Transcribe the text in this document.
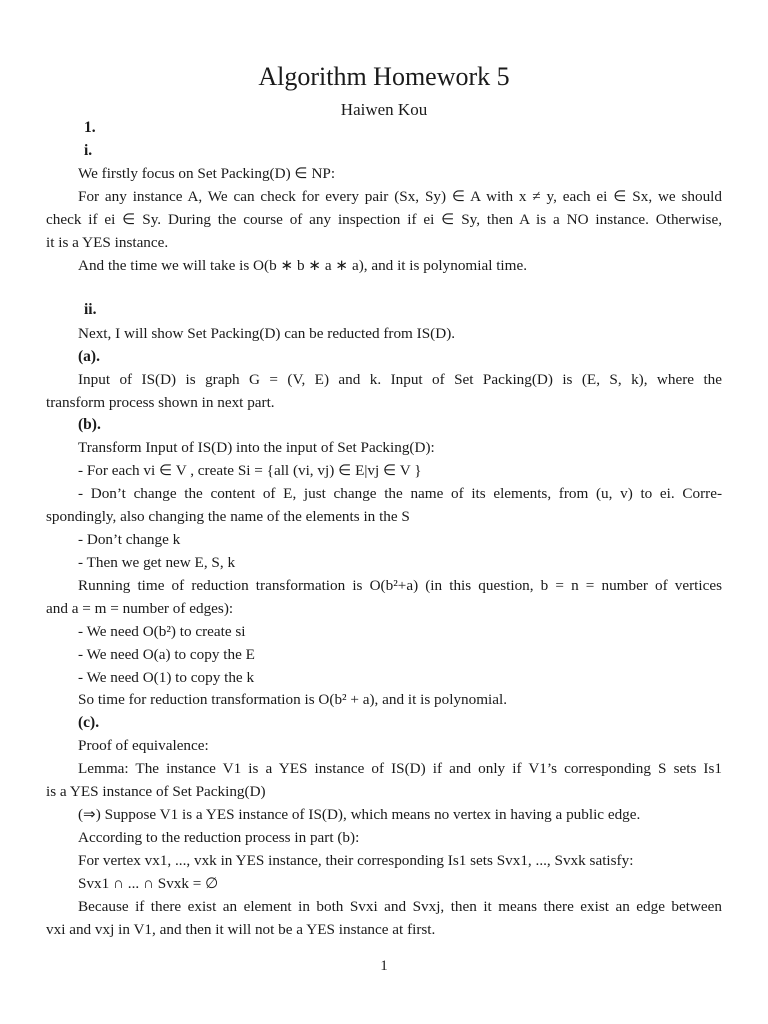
Algorithm Homework 5
Haiwen Kou
1.
i.
We firstly focus on Set Packing(D) ∈ NP:
For any instance A, We can check for every pair (Sx, Sy) ∈ A with x ≠ y, each ei ∈ Sx, we should
check if ei ∈ Sy. During the course of any inspection if ei ∈ Sy, then A is a NO instance. Otherwise,
it is a YES instance.
And the time we will take is O(b ∗ b ∗ a ∗ a), and it is polynomial time.
ii.
Next, I will show Set Packing(D) can be reducted from IS(D).
(a).
Input of IS(D) is graph G = (V, E) and k. Input of Set Packing(D) is (E, S, k), where the
transform process shown in next part.
(b).
Transform Input of IS(D) into the input of Set Packing(D):
- For each vi ∈ V , create Si = {all (vi, vj) ∈ E|vj ∈ V }
- Don’t change the content of E, just change the name of its elements, from (u, v) to ei. Corre-
spondingly, also changing the name of the elements in the S
- Don’t change k
- Then we get new E, S, k
Running time of reduction transformation is O(b²+a) (in this question, b = n = number of vertices
and a = m = number of edges):
- We need O(b²) to create si
- We need O(a) to copy the E
- We need O(1) to copy the k
So time for reduction transformation is O(b² + a), and it is polynomial.
(c).
Proof of equivalence:
Lemma: The instance V1 is a YES instance of IS(D) if and only if V1’s corresponding S sets Is1
is a YES instance of Set Packing(D)
(⇒) Suppose V1 is a YES instance of IS(D), which means no vertex in having a public edge.
According to the reduction process in part (b):
For vertex vx1, ..., vxk in YES instance, their corresponding Is1 sets Svx1, ..., Svxk satisfy:
Svx1 ∩ ... ∩ Svxk = ∅
Because if there exist an element in both Svxi and Svxj, then it means there exist an edge between
vxi and vxj in V1, and then it will not be a YES instance at first.
1
